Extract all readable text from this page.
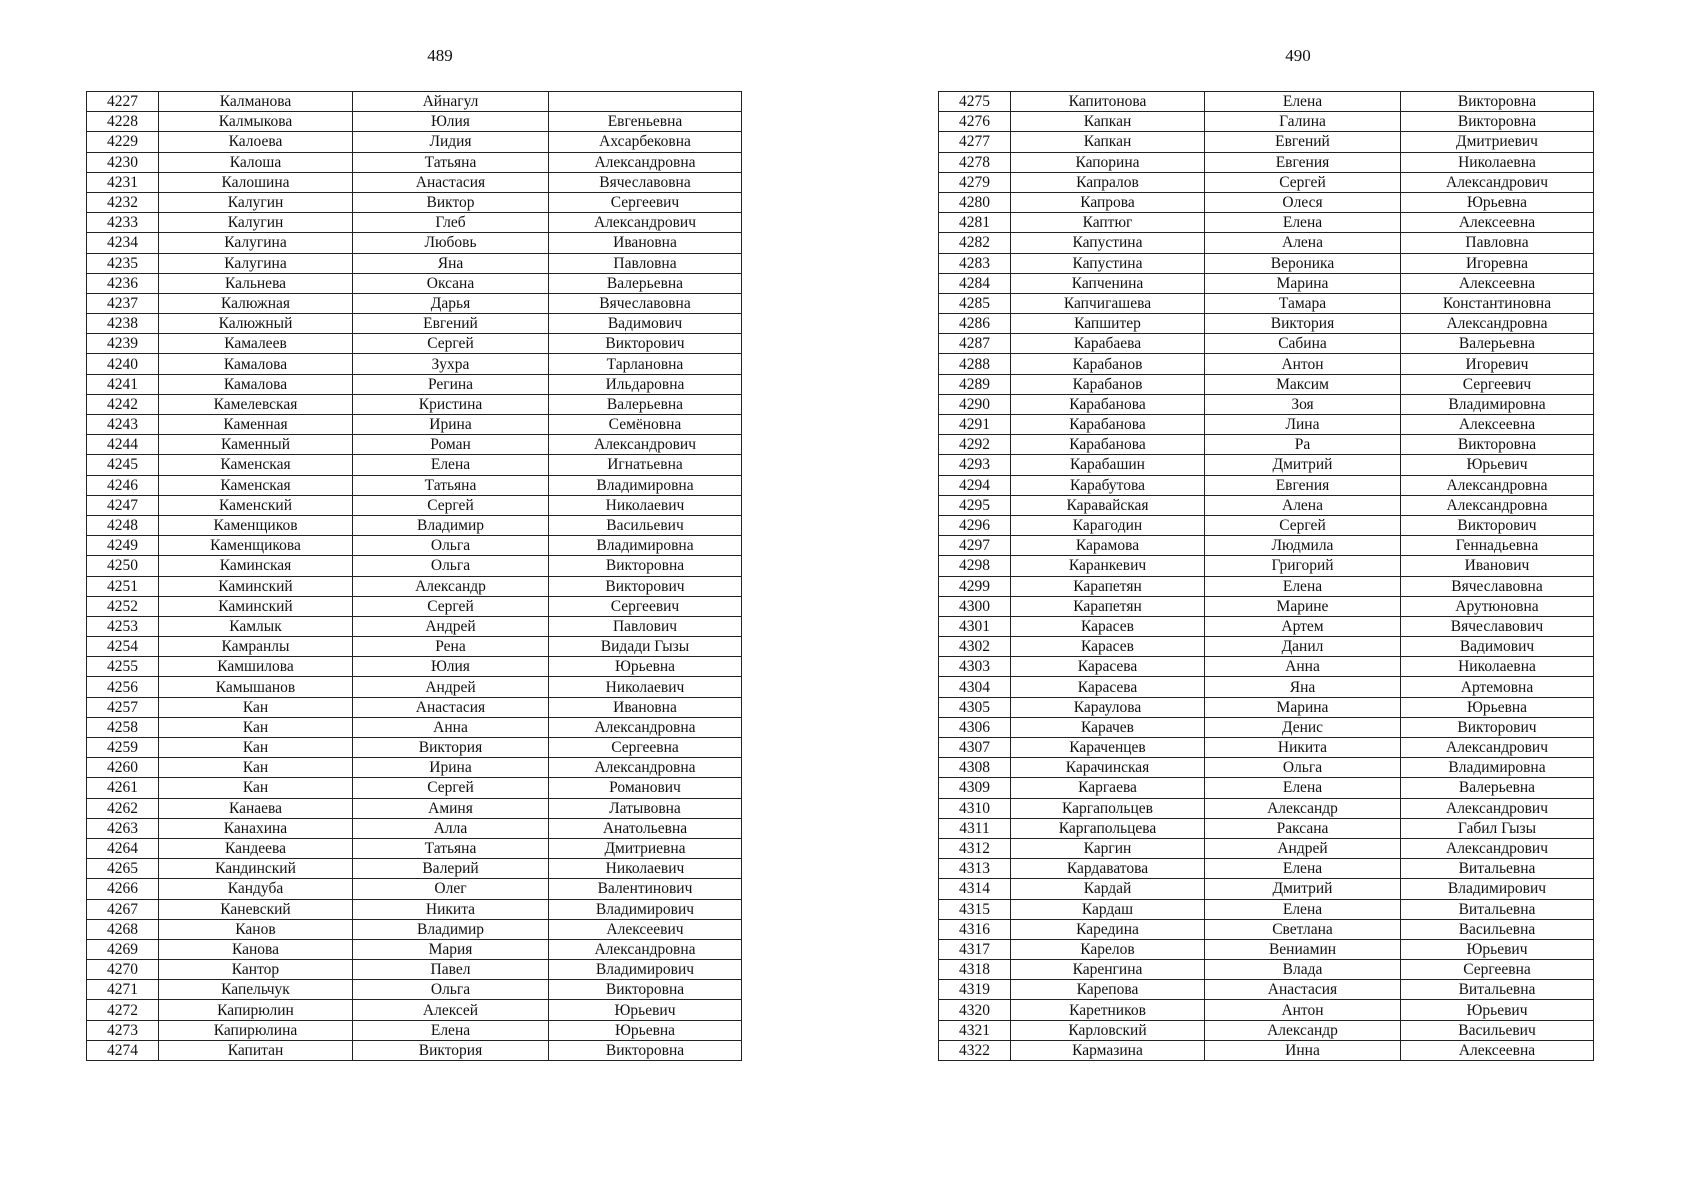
489
4227	Калманова	Айнагул	
4228	Калмыкова	Юлия	Евгеньевна
4229	Калоева	Лидия	Ахсарбековна
4230	Калоша	Татьяна	Александровна
4231	Калошина	Анастасия	Вячеславовна
4232	Калугин	Виктор	Сергеевич
4233	Калугин	Глеб	Александрович
4234	Калугина	Любовь	Ивановна
4235	Калугина	Яна	Павловна
4236	Кальнева	Оксана	Валерьевна
4237	Калюжная	Дарья	Вячеславовна
4238	Калюжный	Евгений	Вадимович
4239	Камалеев	Сергей	Викторович
4240	Камалова	Зухра	Тарлановна
4241	Камалова	Регина	Ильдаровна
4242	Камелевская	Кристина	Валерьевна
4243	Каменная	Ирина	Семёновна
4244	Каменный	Роман	Александрович
4245	Каменская	Елена	Игнатьевна
4246	Каменская	Татьяна	Владимировна
4247	Каменский	Сергей	Николаевич
4248	Каменщиков	Владимир	Васильевич
4249	Каменщикова	Ольга	Владимировна
4250	Каминская	Ольга	Викторовна
4251	Каминский	Александр	Викторович
4252	Каминский	Сергей	Сергеевич
4253	Камлык	Андрей	Павлович
4254	Камранлы	Рена	Видади Гызы
4255	Камшилова	Юлия	Юрьевна
4256	Камышанов	Андрей	Николаевич
4257	Кан	Анастасия	Ивановна
4258	Кан	Анна	Александровна
4259	Кан	Виктория	Сергеевна
4260	Кан	Ирина	Александровна
4261	Кан	Сергей	Романович
4262	Канаева	Аминя	Латывовна
4263	Канахина	Алла	Анатольевна
4264	Кандеева	Татьяна	Дмитриевна
4265	Кандинский	Валерий	Николаевич
4266	Кандуба	Олег	Валентинович
4267	Каневский	Никита	Владимирович
4268	Канов	Владимир	Алексеевич
4269	Канова	Мария	Александровна
4270	Кантор	Павел	Владимирович
4271	Капельчук	Ольга	Викторовна
4272	Капирюлин	Алексей	Юрьевич
4273	Капирюлина	Елена	Юрьевна
4274	Капитан	Виктория	Викторовна
490
4275	Капитонова	Елена	Викторовна
4276	Капкан	Галина	Викторовна
4277	Капкан	Евгений	Дмитриевич
4278	Капорина	Евгения	Николаевна
4279	Капралов	Сергей	Александрович
4280	Капрова	Олеся	Юрьевна
4281	Каптюг	Елена	Алексеевна
4282	Капустина	Алена	Павловна
4283	Капустина	Вероника	Игоревна
4284	Капченина	Марина	Алексеевна
4285	Капчигашева	Тамара	Константиновна
4286	Капшитер	Виктория	Александровна
4287	Карабаева	Сабина	Валерьевна
4288	Карабанов	Антон	Игоревич
4289	Карабанов	Максим	Сергеевич
4290	Карабанова	Зоя	Владимировна
4291	Карабанова	Лина	Алексеевна
4292	Карабанова	Ра	Викторовна
4293	Карабашин	Дмитрий	Юрьевич
4294	Карабутова	Евгения	Александровна
4295	Каравайская	Алена	Александровна
4296	Карагодин	Сергей	Викторович
4297	Карамова	Людмила	Геннадьевна
4298	Каранкевич	Григорий	Иванович
4299	Карапетян	Елена	Вячеславовна
4300	Карапетян	Марине	Арутюновна
4301	Карасев	Артем	Вячеславович
4302	Карасев	Данил	Вадимович
4303	Карасева	Анна	Николаевна
4304	Карасева	Яна	Артемовна
4305	Караулова	Марина	Юрьевна
4306	Карачев	Денис	Викторович
4307	Караченцев	Никита	Александрович
4308	Карачинская	Ольга	Владимировна
4309	Каргаева	Елена	Валерьевна
4310	Каргапольцев	Александр	Александрович
4311	Каргапольцева	Раксана	Габил Гызы
4312	Каргин	Андрей	Александрович
4313	Кардаватова	Елена	Витальевна
4314	Кардай	Дмитрий	Владимирович
4315	Кардаш	Елена	Витальевна
4316	Каредина	Светлана	Васильевна
4317	Карелов	Вениамин	Юрьевич
4318	Каренгина	Влада	Сергеевна
4319	Карепова	Анастасия	Витальевна
4320	Каретников	Антон	Юрьевич
4321	Карловский	Александр	Васильевич
4322	Кармазина	Инна	Алексеевна
